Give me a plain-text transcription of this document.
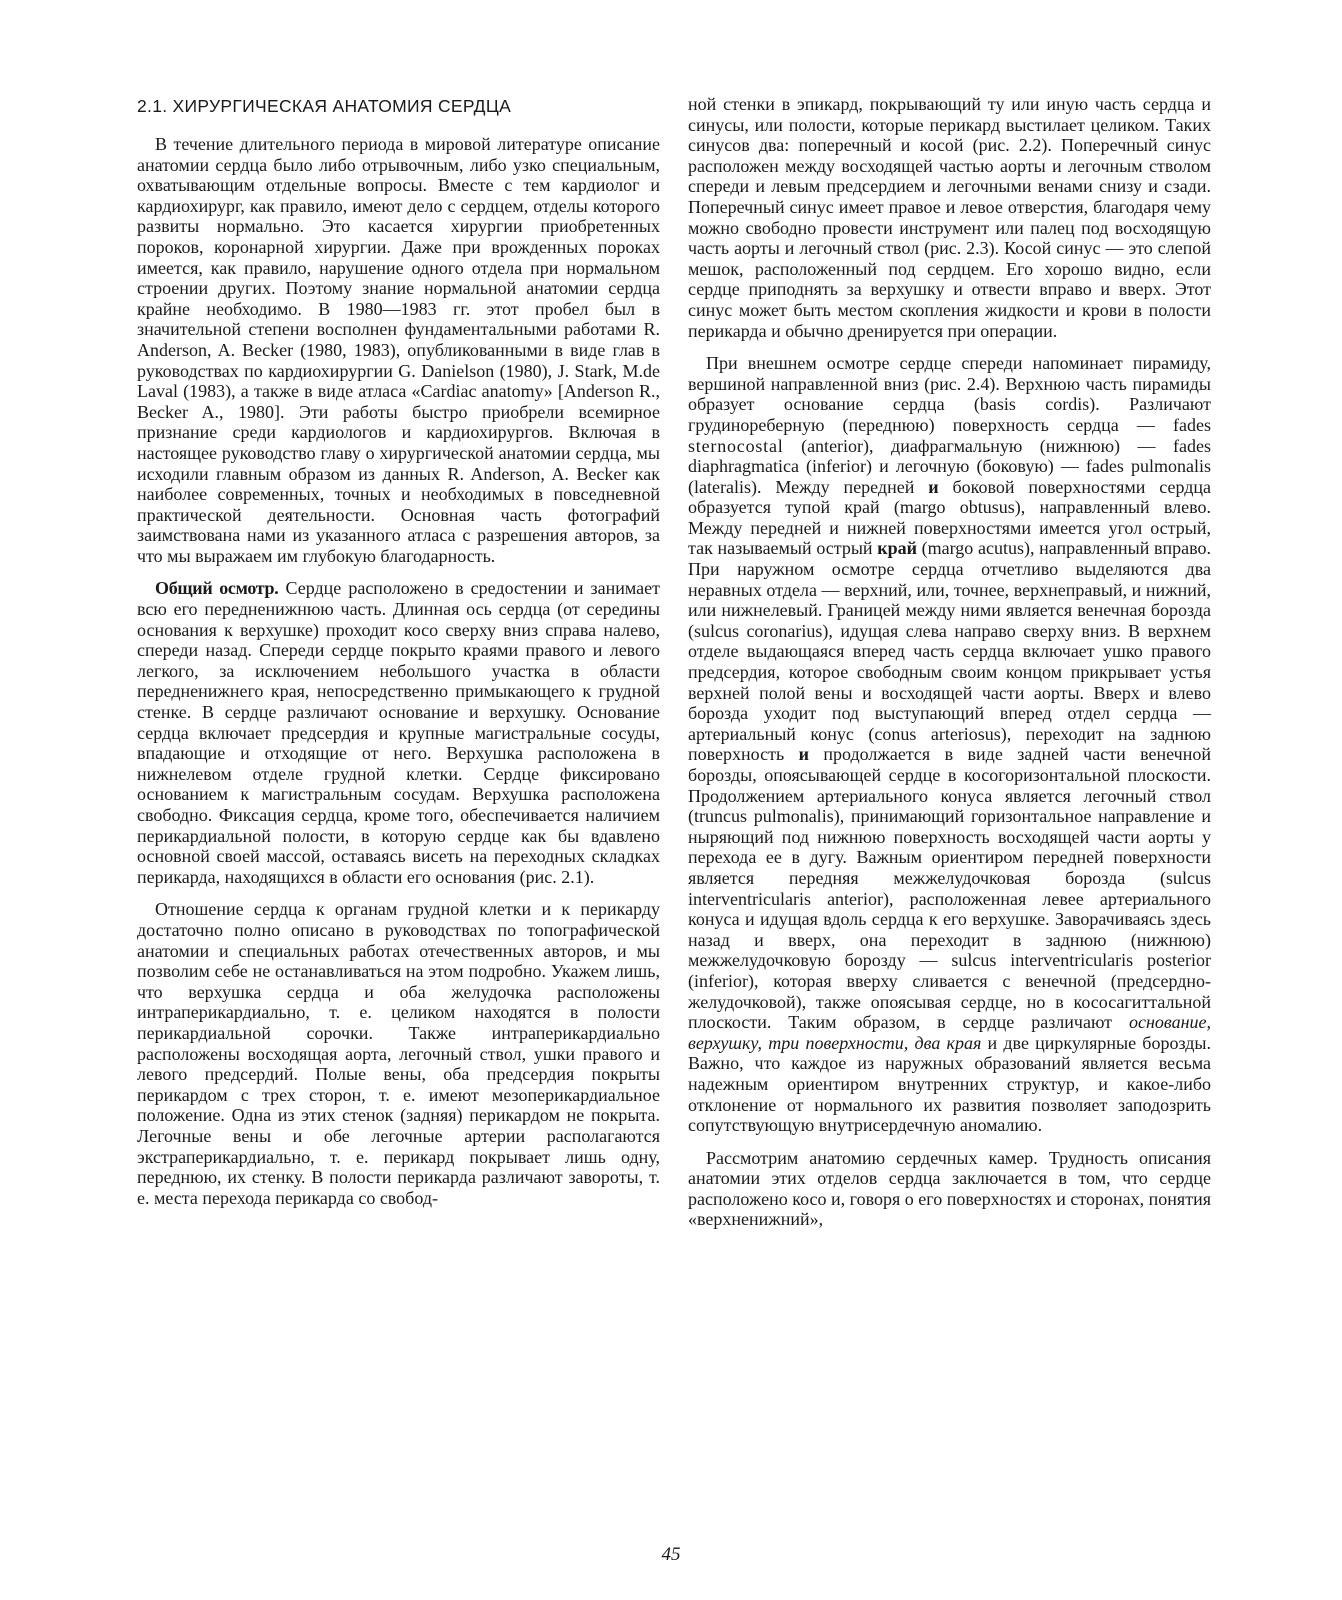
2.1. ХИРУРГИЧЕСКАЯ АНАТОМИЯ СЕРДЦА

В течение длительного периода в мировой литературе описание анатомии сердца было либо отрывочным, либо узко специальным, охватывающим отдельные вопросы. Вместе с тем кардиолог и кардиохирург, как правило, имеют дело с сердцем, отделы которого развиты нормально. Это касается хирургии приобретенных пороков, коронарной хирургии. Даже при врожденных пороках имеется, как правило, нарушение одного отдела при нормальном строении других. Поэтому знание нормальной анатомии сердца крайне необходимо. В 1980—1983 гг. этот пробел был в значительной степени восполнен фундаментальными работами R. Anderson, A. Becker (1980, 1983), опубликованными в виде глав в руководствах по кардиохирургии G. Danielson (1980), J. Stark, M.de Laval (1983), а также в виде атласа «Cardiac anatomy» [Anderson R., Becker A., 1980]. Эти работы быстро приобрели всемирное признание среди кардиологов и кардиохирургов. Включая в настоящее руководство главу о хирургической анатомии сердца, мы исходили главным образом из данных R. Anderson, A. Becker как наиболее современных, точных и необходимых в повседневной практической деятельности. Основная часть фотографий заимствована нами из указанного атласа с разрешения авторов, за что мы выражаем им глубокую благодарность.

Общий осмотр. Сердце расположено в средостении и занимает всю его передненижнюю часть. Длинная ось сердца (от середины основания к верхушке) проходит косо сверху вниз справа налево, спереди назад. Спереди сердце покрыто краями правого и левого легкого, за исключением небольшого участка в области передненижнего края, непосредственно примыкающего к грудной стенке. В сердце различают основание и верхушку. Основание сердца включает предсердия и крупные магистральные сосуды, впадающие и отходящие от него. Верхушка расположена в нижнелевом отделе грудной клетки. Сердце фиксировано основанием к магистральным сосудам. Верхушка расположена свободно. Фиксация сердца, кроме того, обеспечивается наличием перикардиальной полости, в которую сердце как бы вдавлено основной своей массой, оставаясь висеть на переходных складках перикарда, находящихся в области его основания (рис. 2.1).

Отношение сердца к органам грудной клетки и к перикарду достаточно полно описано в руководствах по топографической анатомии и специальных работах отечественных авторов, и мы позволим себе не останавливаться на этом подробно. Укажем лишь, что верхушка сердца и оба желудочка расположены интраперикардиально, т. е. целиком находятся в полости перикардиальной сорочки. Также интраперикардиально расположены восходящая аорта, легочный ствол, ушки правого и левого предсердий. Полые вены, оба предсердия покрыты перикардом с трех сторон, т. е. имеют мезоперикардиальное положение. Одна из этих стенок (задняя) перикардом не покрыта. Легочные вены и обе легочные артерии располагаются экстраперикардиально, т. е. перикард покрывает лишь одну, переднюю, их стенку. В полости перикарда различают завороты, т. е. места перехода перикарда со свобод-

ной стенки в эпикард, покрывающий ту или иную часть сердца и синусы, или полости, которые перикард выстилает целиком. Таких синусов два: поперечный и косой (рис. 2.2). Поперечный синус расположен между восходящей частью аорты и легочным стволом спереди и левым предсердием и легочными венами снизу и сзади. Поперечный синус имеет правое и левое отверстия, благодаря чему можно свободно провести инструмент или палец под восходящую часть аорты и легочный ствол (рис. 2.3). Косой синус — это слепой мешок, расположенный под сердцем. Его хорошо видно, если сердце приподнять за верхушку и отвести вправо и вверх. Этот синус может быть местом скопления жидкости и крови в полости перикарда и обычно дренируется при операции.

При внешнем осмотре сердце спереди напоминает пирамиду, вершиной направленной вниз (рис. 2.4). Верхнюю часть пирамиды образует основание сердца (basis cordis). Различают грудинореберную (переднюю) поверхность сердца — fades sternocostal (anterior), диафрагмальную (нижнюю) — fades diaphragmatica (inferior) и легочную (боковую) — fades pulmonalis (lateralis). Между передней и боковой поверхностями сердца образуется тупой край (margo obtusus), направленный влево. Между передней и нижней поверхностями имеется угол острый, так называемый острый край (margo acutus), направленный вправо. При наружном осмотре сердца отчетливо выделяются два неравных отдела — верхний, или, точнее, верхнеправый, и нижний, или нижнелевый. Границей между ними является венечная борозда (sulcus coronarius), идущая слева направо сверху вниз. В верхнем отделе выдающаяся вперед часть сердца включает ушко правого предсердия, которое свободным своим концом прикрывает устья верхней полой вены и восходящей части аорты. Вверх и влево борозда уходит под выступающий вперед отдел сердца — артериальный конус (conus arteriosus), переходит на заднюю поверхность и продолжается в виде задней части венечной борозды, опоясывающей сердце в косогоризонтальной плоскости. Продолжением артериального конуса является легочный ствол (truncus pulmonalis), принимающий горизонтальное направление и ныряющий под нижнюю поверхность восходящей части аорты у перехода ее в дугу. Важным ориентиром передней поверхности является передняя межжелудочковая борозда (sulcus interventricularis anterior), расположенная левее артериального конуса и идущая вдоль сердца к его верхушке. Заворачиваясь здесь назад и вверх, она переходит в заднюю (нижнюю) межжелудочковую борозду — sulcus interventricularis posterior (inferior), которая вверху сливается с венечной (предсердно-желудочковой), также опоясывая сердце, но в кососагиттальной плоскости. Таким образом, в сердце различают основание, верхушку, три поверхности, два края и две циркулярные борозды. Важно, что каждое из наружных образований является весьма надежным ориентиром внутренних структур, и какое-либо отклонение от нормального их развития позволяет заподозрить сопутствующую внутрисердечную аномалию.

Рассмотрим анатомию сердечных камер. Трудность описания анатомии этих отделов сердца заключается в том, что сердце расположено косо и, говоря о его поверхностях и сторонах, понятия «верхненижний»,

45
